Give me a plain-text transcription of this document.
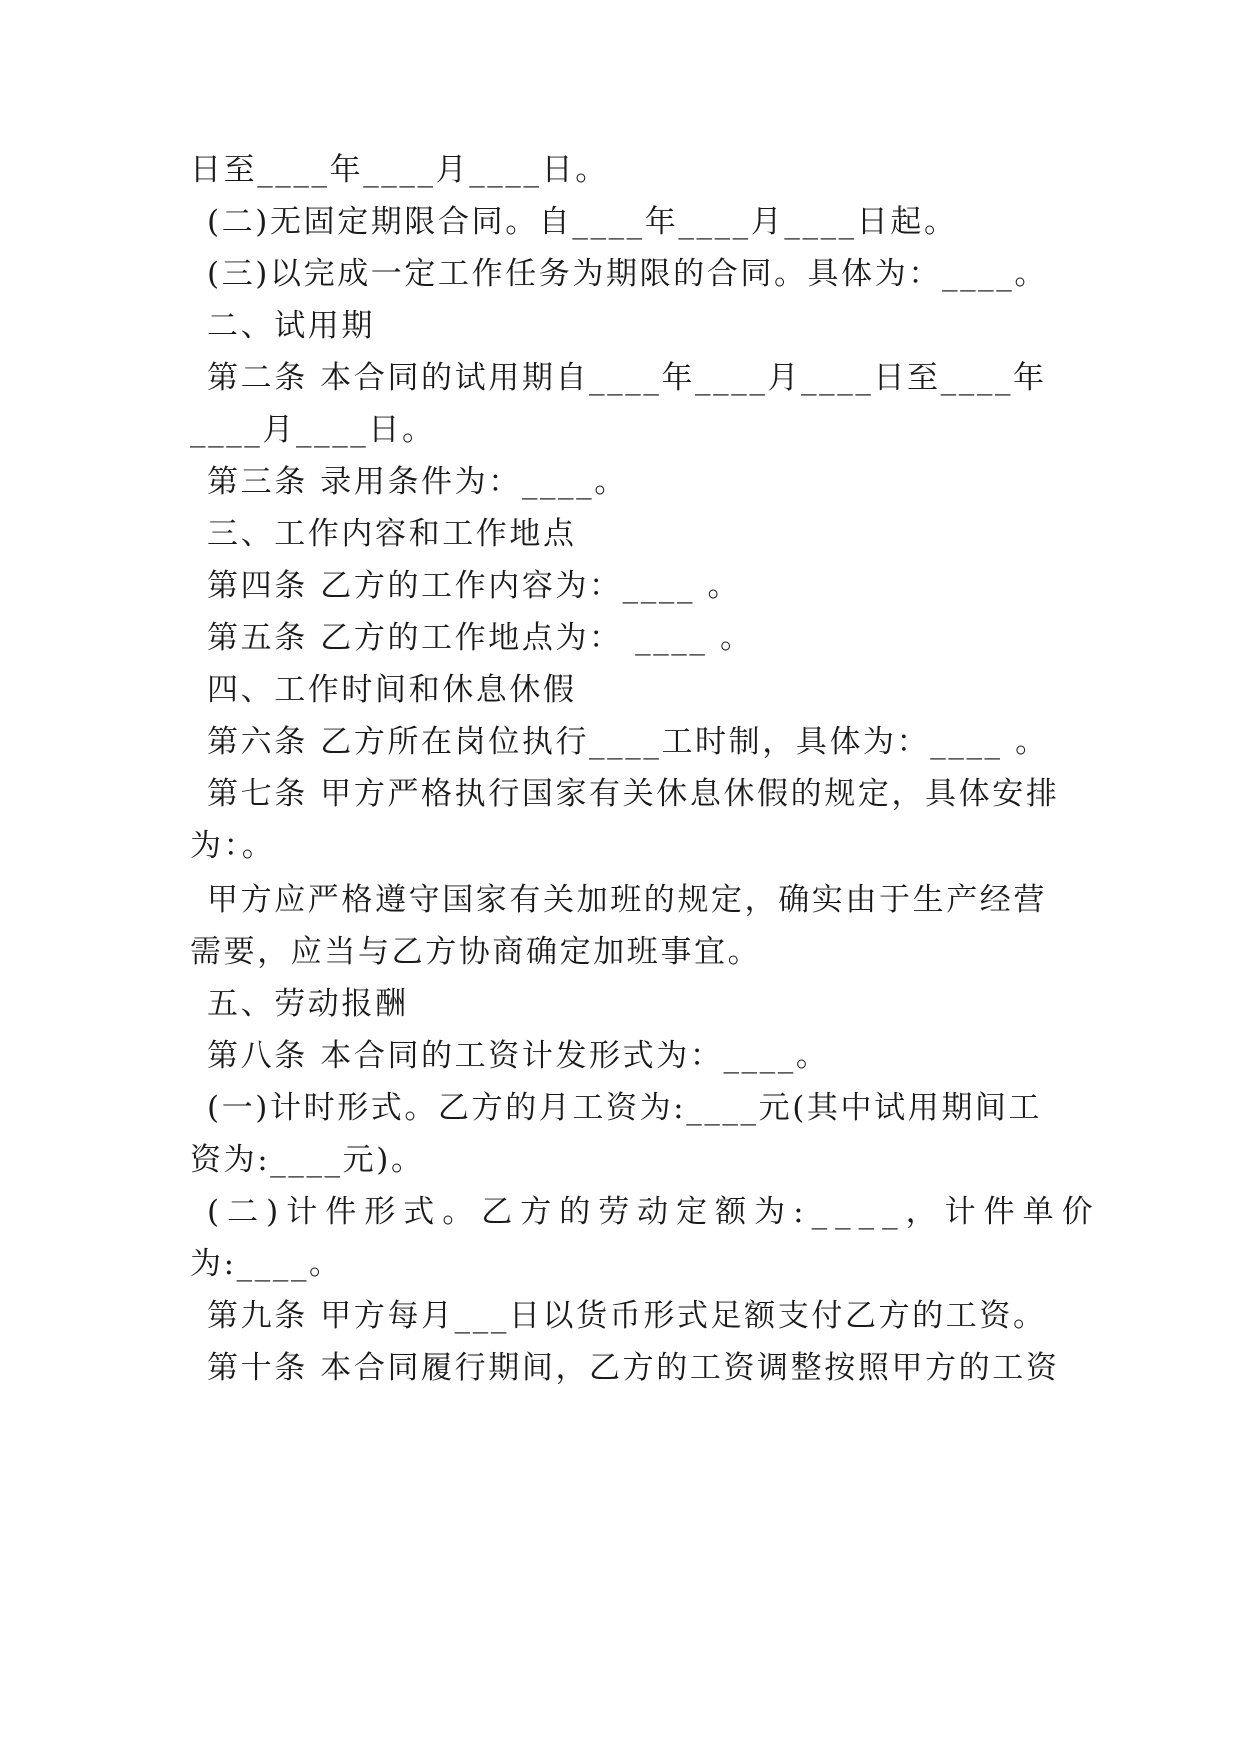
日至____年____月____日。
(二)无固定期限合同。自____年____月____日起。
(三)以完成一定工作任务为期限的合同。具体为：____。
二、试用期
第二条 本合同的试用期自____年____月____日至____年
____月____日。
第三条 录用条件为：____。
三、工作内容和工作地点
第四条 乙方的工作内容为：____ 。
第五条 乙方的工作地点为： ____ 。
四、工作时间和休息休假
第六条 乙方所在岗位执行____工时制，具体为：____ 。
第七条 甲方严格执行国家有关休息休假的规定，具体安排
为：。
甲方应严格遵守国家有关加班的规定，确实由于生产经营
需要，应当与乙方协商确定加班事宜。
五、劳动报酬
第八条 本合同的工资计发形式为：____。
(一)计时形式。乙方的月工资为:____元(其中试用期间工
资为:____元)。
(二)计件形式。乙方的劳动定额为:____，计件单价
为:____。
第九条 甲方每月___日以货币形式足额支付乙方的工资。
第十条 本合同履行期间，乙方的工资调整按照甲方的工资
